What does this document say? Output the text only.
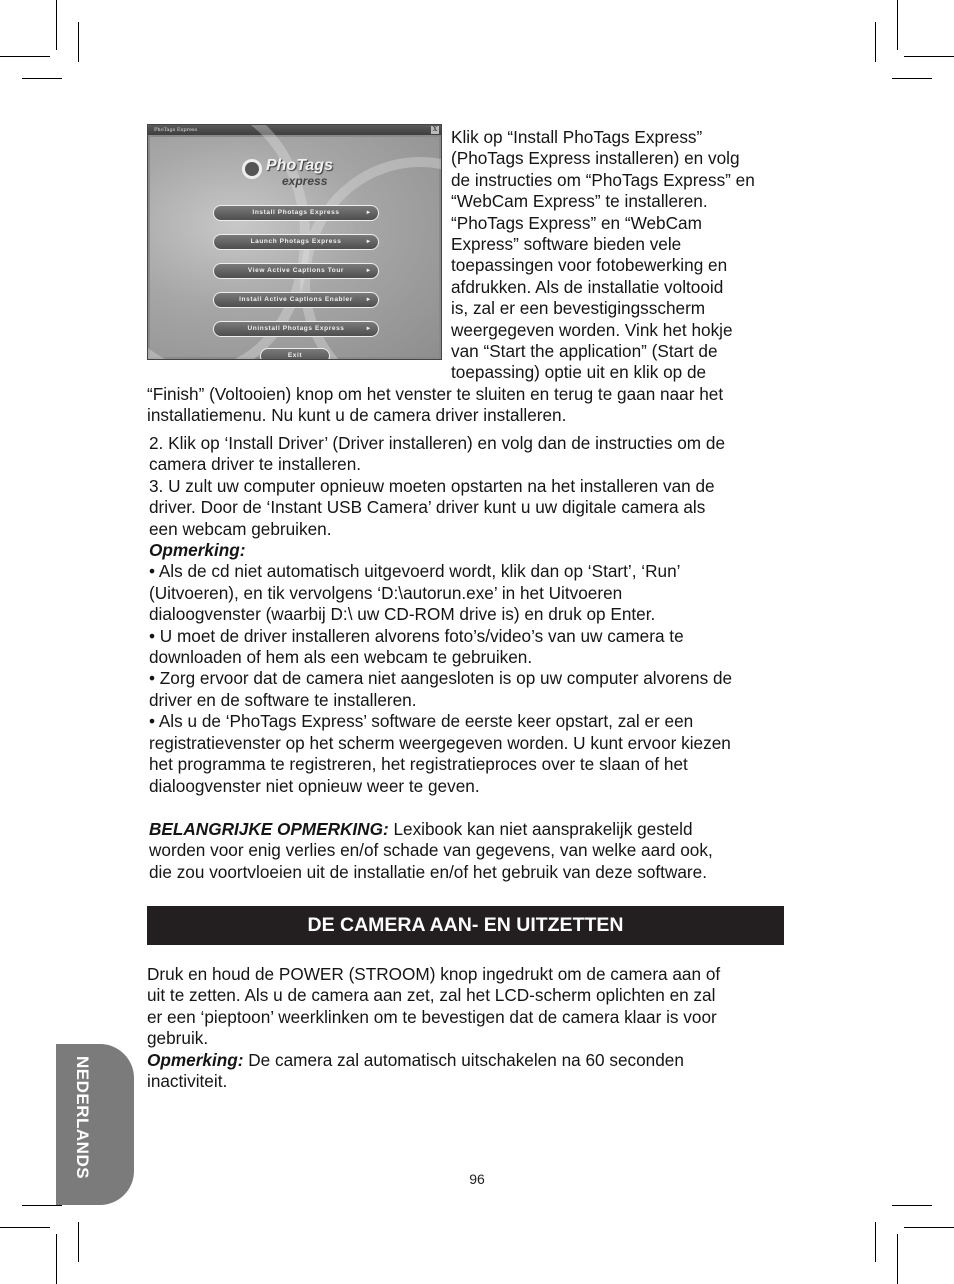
PhoTags Express	X
PhoTags
express
Install Photags Express	►
Launch Photags Express	►
View Active Captions Tour	►
Install Active Captions Enabler ►
Uninstall Photags Express	►
Exit
Klik op “Install PhoTags Express”
(PhoTags Express installeren) en volg
de instructies om “PhoTags Express” en
“WebCam Express” te installeren.
“PhoTags Express” en “WebCam
Express” software bieden vele
toepassingen voor fotobewerking en
afdrukken. Als de installatie voltooid
is, zal er een bevestigingsscherm
weergegeven worden. Vink het hokje
van “Start the application” (Start de
toepassing) optie uit en klik op de
“Finish” (Voltooien) knop om het venster te sluiten en terug te gaan naar het
installatiemenu. Nu kunt u de camera driver installeren.
2. Klik op ‘Install Driver’ (Driver installeren) en volg dan de instructies om de
camera driver te installeren.
3. U zult uw computer opnieuw moeten opstarten na het installeren van de
driver. Door de ‘Instant USB Camera’ driver kunt u uw digitale camera als
een webcam gebruiken.
Opmerking:
• Als de cd niet automatisch uitgevoerd wordt, klik dan op ‘Start’, ‘Run’
(Uitvoeren), en tik vervolgens ‘D:\autorun.exe’ in het Uitvoeren
dialoogvenster (waarbij D:\ uw CD-ROM drive is) en druk op Enter.
• U moet de driver installeren alvorens foto’s/video’s van uw camera te
downloaden of hem als een webcam te gebruiken.
• Zorg ervoor dat de camera niet aangesloten is op uw computer alvorens de
driver en de software te installeren.
• Als u de ‘PhoTags Express’ software de eerste keer opstart, zal er een
registratievenster op het scherm weergegeven worden. U kunt ervoor kiezen
het programma te registreren, het registratieproces over te slaan of het
dialoogvenster niet opnieuw weer te geven.
BELANGRIJKE OPMERKING: Lexibook kan niet aansprakelijk gesteld
worden voor enig verlies en/of schade van gegevens, van welke aard ook,
die zou voortvloeien uit de installatie en/of het gebruik van deze software.
DE CAMERA AAN- EN UITZETTEN
Druk en houd de POWER (STROOM) knop ingedrukt om de camera aan of
uit te zetten. Als u de camera aan zet, zal het LCD-scherm oplichten en zal
er een ‘pieptoon’ weerklinken om te bevestigen dat de camera klaar is voor
gebruik.
Opmerking: De camera zal automatisch uitschakelen na 60 seconden
inactiviteit.
NEDERLANDS	96
